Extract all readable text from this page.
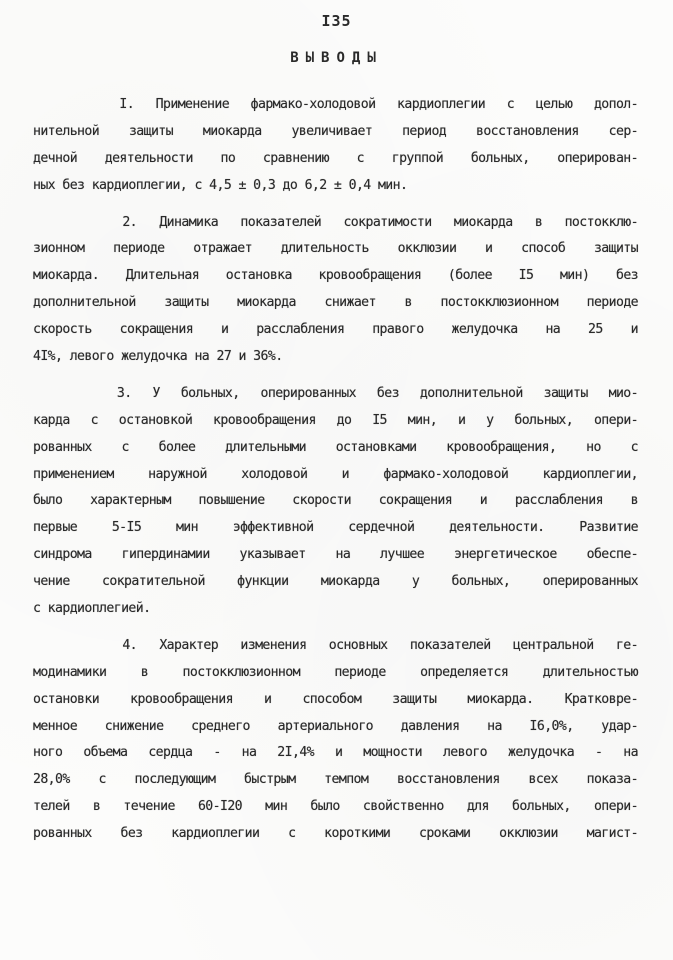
I35
ВЫВОДЫ
I. Применение фармако-холодовой кардиоплегии с целью допол-
нительной защиты миокарда увеличивает период восстановления сер-
дечной деятельности по сравнению с группой больных, оперирован-
ных без кардиоплегии, с 4,5 ± 0,3 до 6,2 ± 0,4 мин.
2. Динамика показателей сократимости миокарда в постокклю-
зионном периоде отражает длительность окклюзии и способ защиты
миокарда. Длительная остановка кровообращения (более I5 мин) без
дополнительной защиты миокарда снижает в постокклюзионном периоде
скорость сокращения и расслабления правого желудочка на 25 и
4I%, левого желудочка на 27 и 36%.
3. У больных, оперированных без дополнительной защиты мио-
карда с остановкой кровообращения до I5 мин, и у больных, опери-
рованных с более длительными остановками кровообращения, но с
применением наружной холодовой и фармако-холодовой кардиоплегии,
было характерным повышение скорости сокращения и расслабления в
первые 5-I5 мин эффективной сердечной деятельности. Развитие
синдрома гипердинамии указывает на лучшее энергетическое обеспе-
чение сократительной функции миокарда у больных, оперированных
с кардиоплегией.
4. Характер изменения основных показателей центральной ге-
модинамики в постокклюзионном периоде определяется длительностью
остановки кровообращения и способом защиты миокарда. Кратковре-
менное снижение среднего артериального давления на I6,0%, удар-
ного объема сердца - на 2I,4% и мощности левого желудочка - на
28,0% с последующим быстрым темпом восстановления всех показа-
телей в течение 60-I20 мин было свойственно для больных, опери-
рованных без кардиоплегии с короткими сроками окклюзии магист-
